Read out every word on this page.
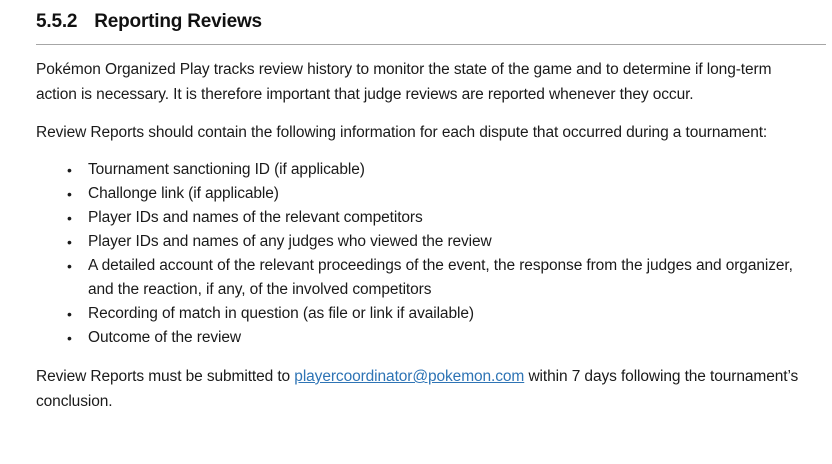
5.5.2 Reporting Reviews

Pokémon Organized Play tracks review history to monitor the state of the game and to determine if long-term action is necessary. It is therefore important that judge reviews are reported whenever they occur.

Review Reports should contain the following information for each dispute that occurred during a tournament:

• Tournament sanctioning ID (if applicable)
• Challonge link (if applicable)
• Player IDs and names of the relevant competitors
• Player IDs and names of any judges who viewed the review
• A detailed account of the relevant proceedings of the event, the response from the judges and organizer, and the reaction, if any, of the involved competitors
• Recording of match in question (as file or link if available)
• Outcome of the review

Review Reports must be submitted to playercoordinator@pokemon.com within 7 days following the tournament’s conclusion.
